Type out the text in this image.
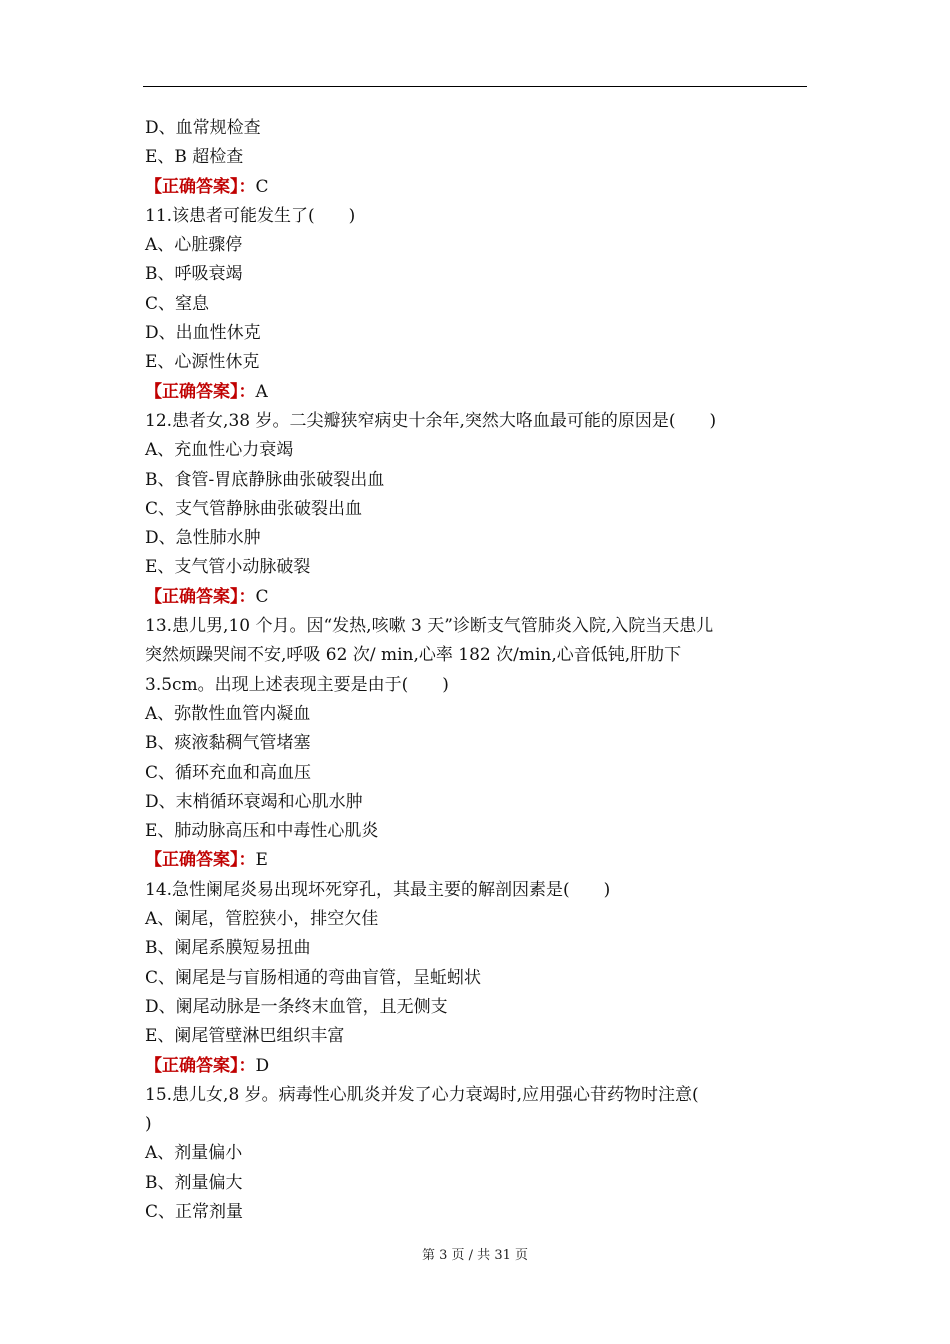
D、血常规检查
E、B 超检查
【正确答案】：C
11.该患者可能发生了(　　)
A、心脏骤停
B、呼吸衰竭
C、窒息
D、出血性休克
E、心源性休克
【正确答案】：A
12.患者女,38 岁。二尖瓣狭窄病史十余年,突然大咯血最可能的原因是(　　)
A、充血性心力衰竭
B、食管-胃底静脉曲张破裂出血
C、支气管静脉曲张破裂出血
D、急性肺水肿
E、支气管小动脉破裂
【正确答案】：C
13.患儿男,10 个月。因“发热,咳嗽 3 天”诊断支气管肺炎入院,入院当天患儿
突然烦躁哭闹不安,呼吸 62 次/ min,心率 182 次/min,心音低钝,肝肋下
3.5cm。出现上述表现主要是由于(　　)
A、弥散性血管内凝血
B、痰液黏稠气管堵塞
C、循环充血和高血压
D、末梢循环衰竭和心肌水肿
E、肺动脉高压和中毒性心肌炎
【正确答案】：E
14.急性阑尾炎易出现坏死穿孔，其最主要的解剖因素是(　　)
A、阑尾，管腔狭小，排空欠佳
B、阑尾系膜短易扭曲
C、阑尾是与盲肠相通的弯曲盲管，呈蚯蚓状
D、阑尾动脉是一条终末血管，且无侧支
E、阑尾管壁淋巴组织丰富
【正确答案】：D
15.患儿女,8 岁。病毒性心肌炎并发了心力衰竭时,应用强心苷药物时注意(
)
A、剂量偏小
B、剂量偏大
C、正常剂量
第 3 页 / 共 31 页
